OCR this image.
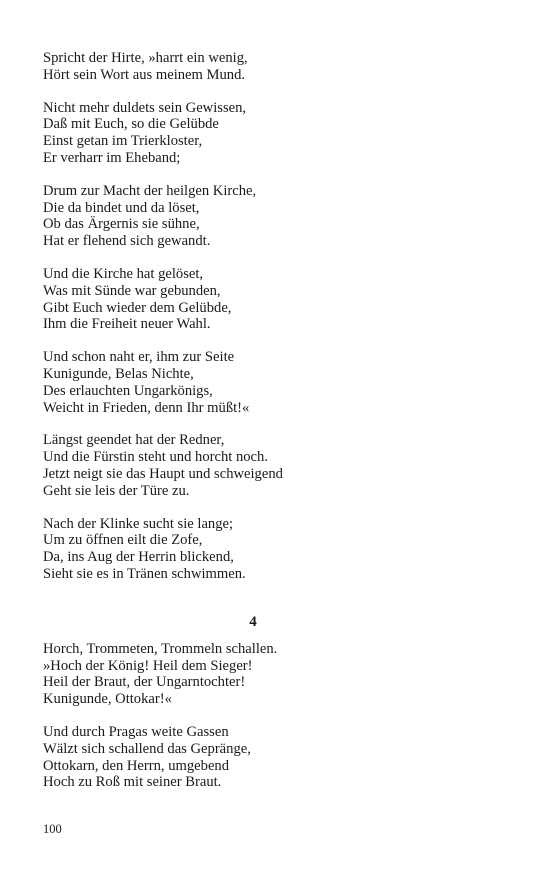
Spricht der Hirte, »harrt ein wenig,
Hört sein Wort aus meinem Mund.
Nicht mehr duldets sein Gewissen,
Daß mit Euch, so die Gelübde
Einst getan im Trierkloster,
Er verharr im Eheband;
Drum zur Macht der heilgen Kirche,
Die da bindet und da löset,
Ob das Ärgernis sie sühne,
Hat er flehend sich gewandt.
Und die Kirche hat gelöset,
Was mit Sünde war gebunden,
Gibt Euch wieder dem Gelübde,
Ihm die Freiheit neuer Wahl.
Und schon naht er, ihm zur Seite
Kunigunde, Belas Nichte,
Des erlauchten Ungarkönigs,
Weicht in Frieden, denn Ihr müßt!«
Längst geendet hat der Redner,
Und die Fürstin steht und horcht noch.
Jetzt neigt sie das Haupt und schweigend
Geht sie leis der Türe zu.
Nach der Klinke sucht sie lange;
Um zu öffnen eilt die Zofe,
Da, ins Aug der Herrin blickend,
Sieht sie es in Tränen schwimmen.
4
Horch, Trommeten, Trommeln schallen.
»Hoch der König! Heil dem Sieger!
Heil der Braut, der Ungarntochter!
Kunigunde, Ottokar!«
Und durch Pragas weite Gassen
Wälzt sich schallend das Gepränge,
Ottokarn, den Herrn, umgebend
Hoch zu Roß mit seiner Braut.
100
